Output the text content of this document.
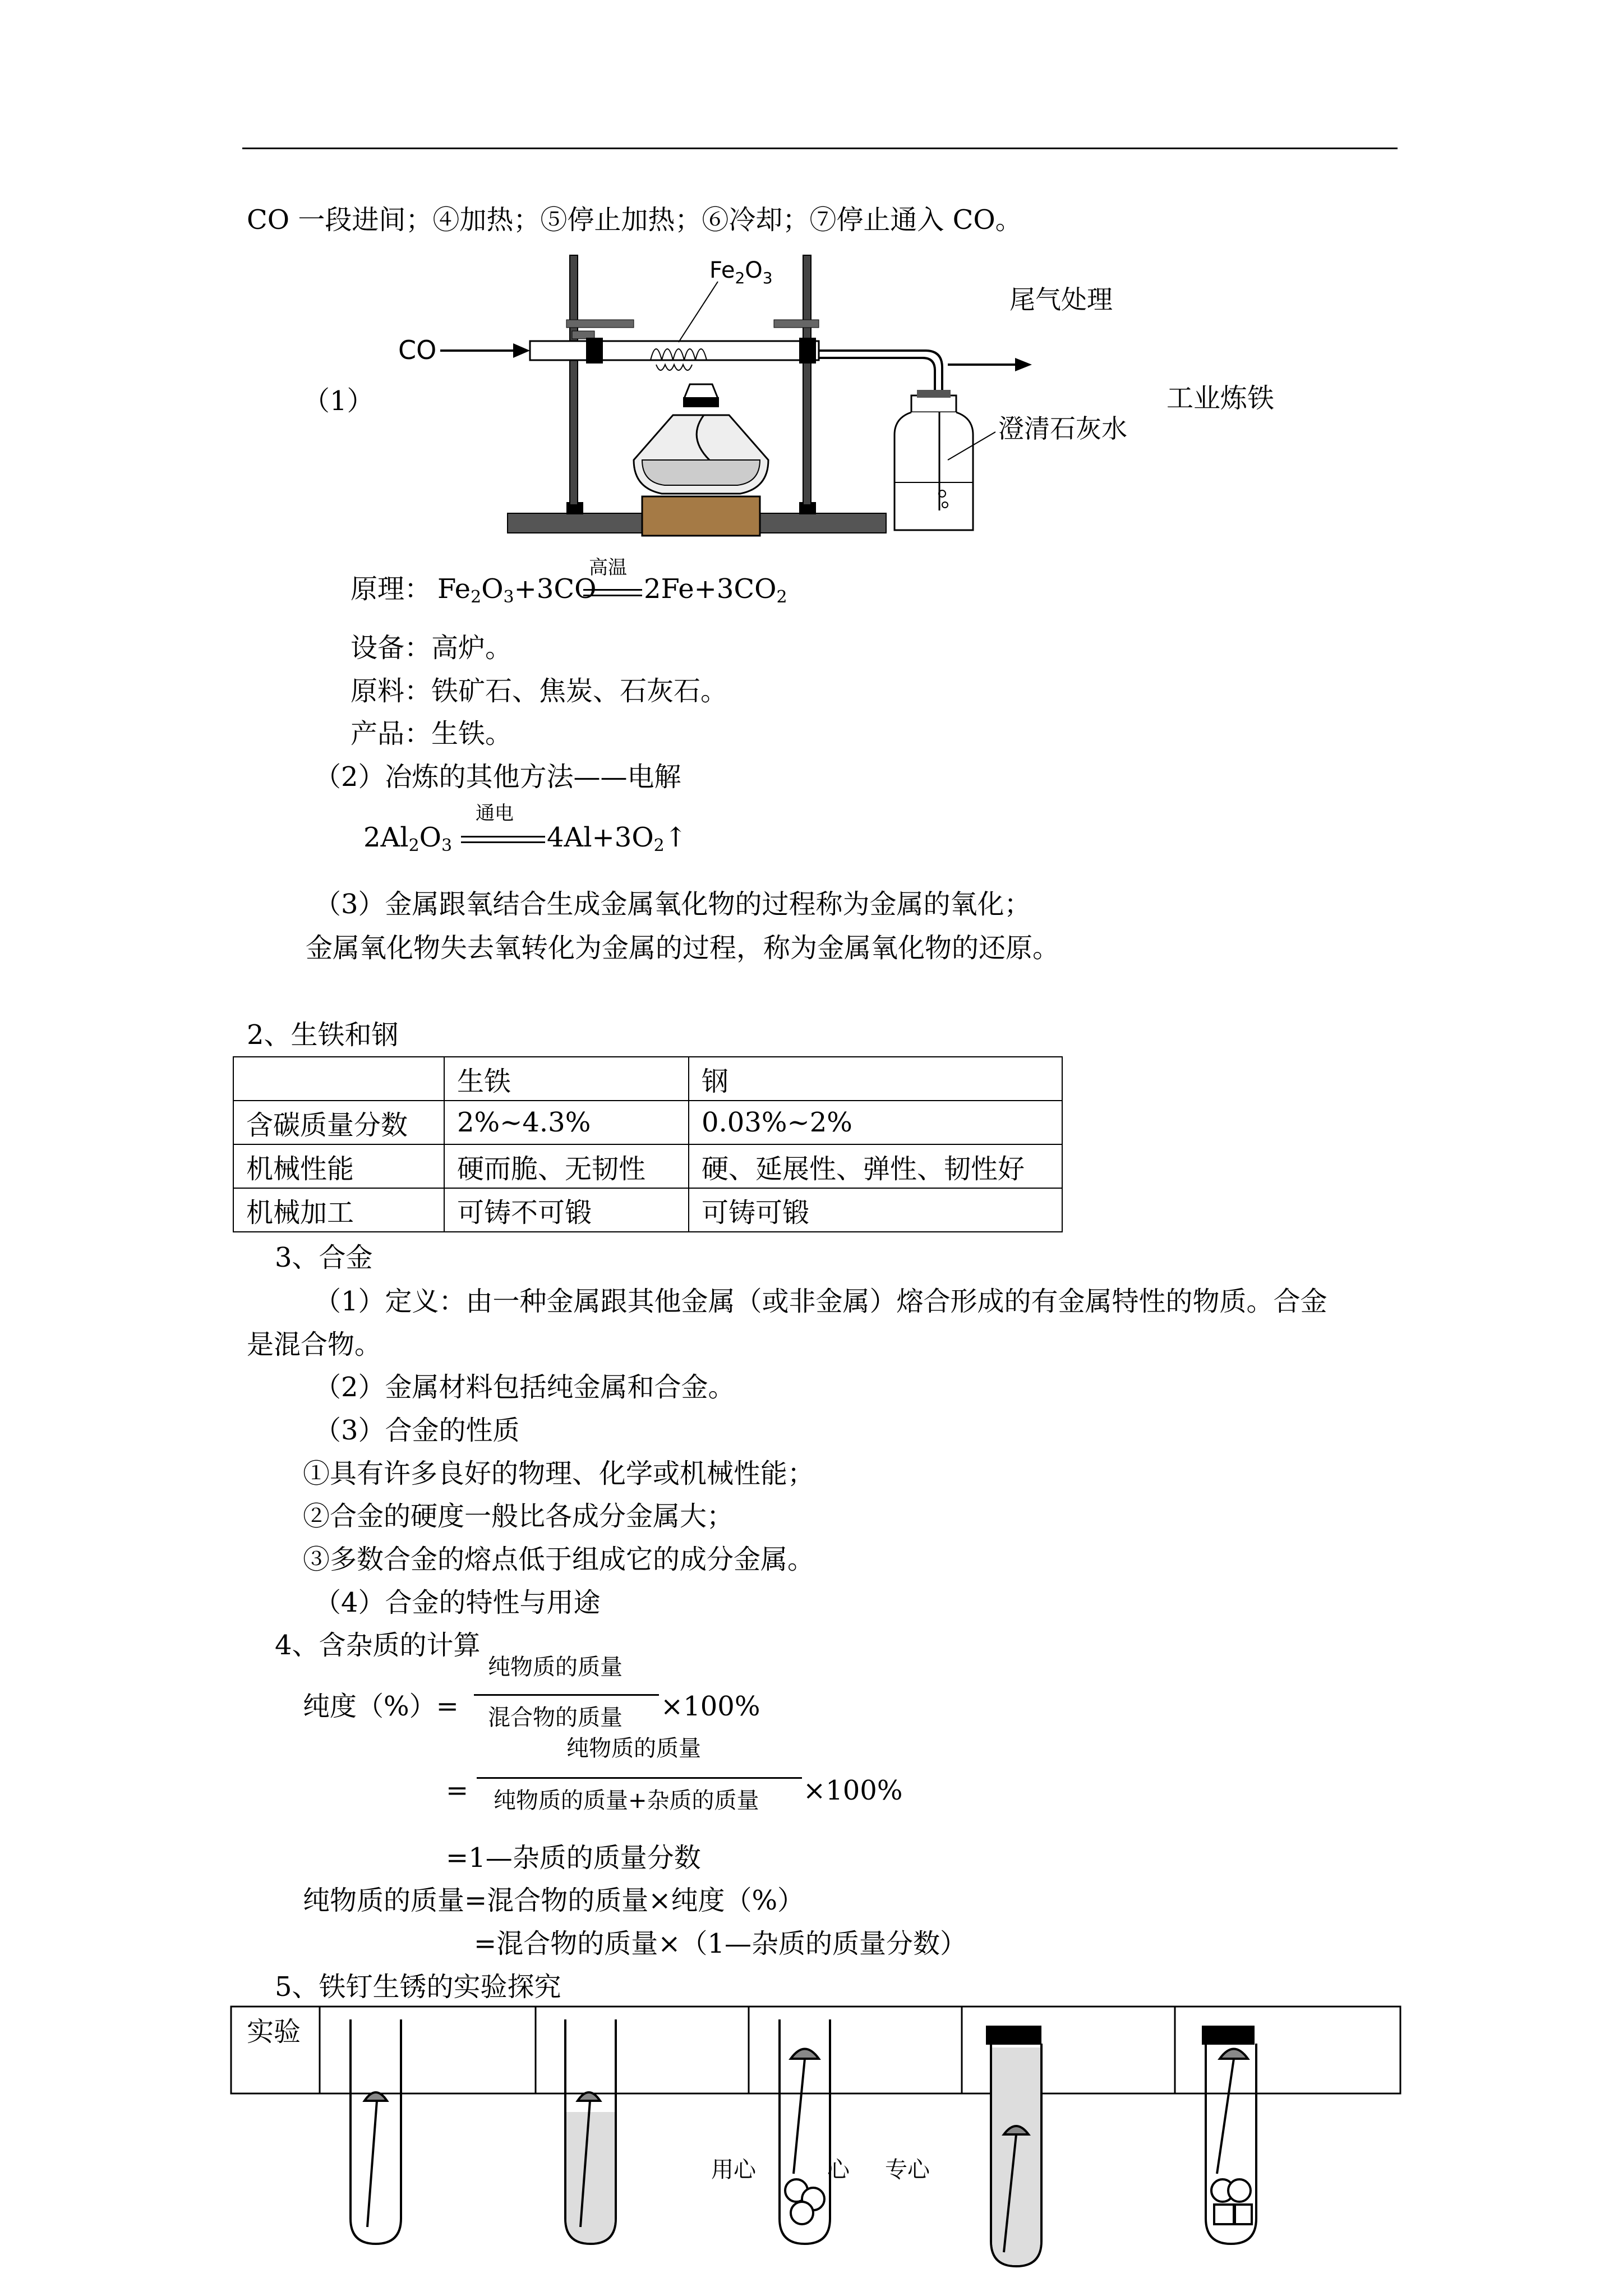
CO 一段进间；④加热；⑤停止加热；⑥冷却；⑦停止通入 CO。
（1）	工业炼铁
CO
$Fe_2O_3$
尾气处理
澄清石灰水
原理： $Fe_2O_3+3CO$
高温
$2Fe+3CO_2$
设备：高炉。
原料：铁矿石、焦炭、石灰石。
产品：生铁。
（2）冶炼的其他方法——电解
$2Al_2O_3$
通电
$4Al+3O_2↑$
（3）金属跟氧结合生成金属氧化物的过程称为金属的氧化；
金属氧化物失去氧转化为金属的过程，称为金属氧化物的还原。
2、生铁和钢
	生铁	钢
含碳质量分数	2%~4.3%	0.03%~2%
机械性能	硬而脆、无韧性	硬、延展性、弹性、韧性好
机械加工	可铸不可锻	可铸可锻
3、合金
（1）定义：由一种金属跟其他金属（或非金属）熔合形成的有金属特性的物质。合金
是混合物。
（2）金属材料包括纯金属和合金。
（3）合金的性质
①具有许多良好的物理、化学或机械性能；
②合金的硬度一般比各成分金属大；
③多数合金的熔点低于组成它的成分金属。
（4）合金的特性与用途
4、含杂质的计算
纯度（%）=
纯物质的质量
混合物的质量 ×100%
=
纯物质的质量
纯物质的质量+杂质的质量 ×100%
=1—杂质的质量分数
纯物质的质量=混合物的质量×纯度（%）
=混合物的质量×（1—杂质的质量分数）
5、铁钉生锈的实验探究
实验
用心	心 专心
